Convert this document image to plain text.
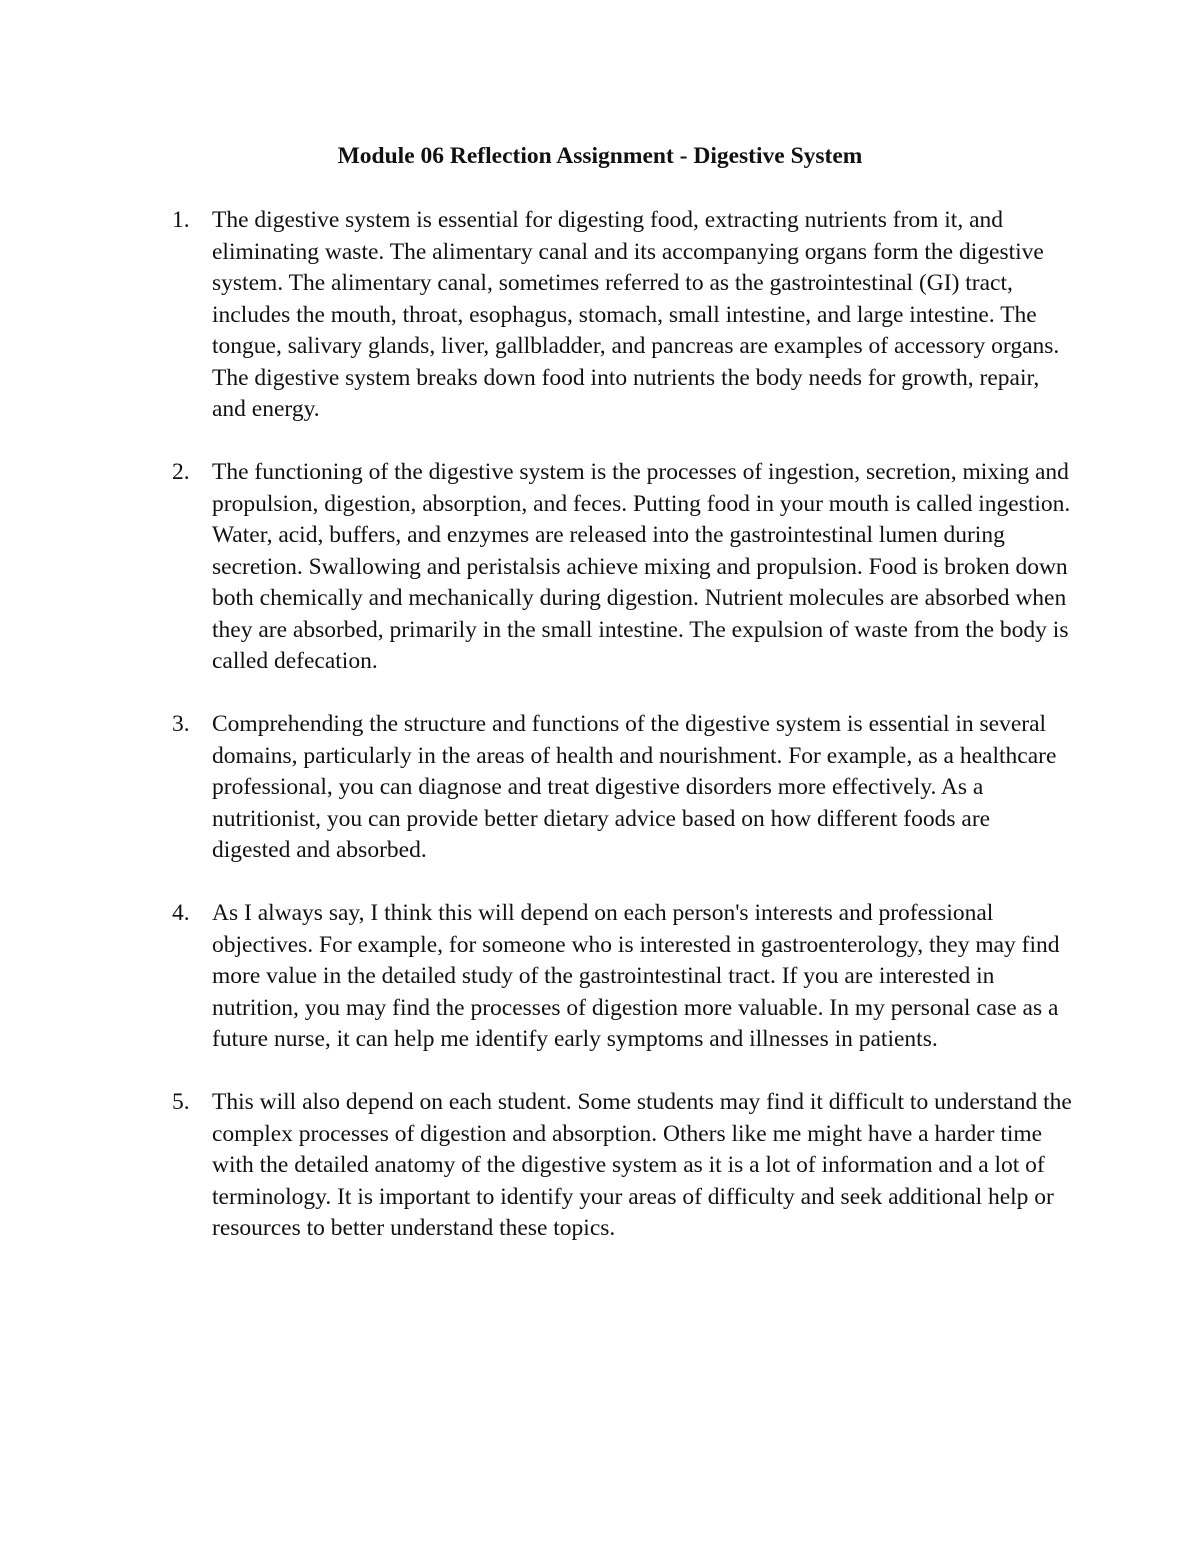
Module 06 Reflection Assignment - Digestive System
1. The digestive system is essential for digesting food, extracting nutrients from it, and eliminating waste. The alimentary canal and its accompanying organs form the digestive system. The alimentary canal, sometimes referred to as the gastrointestinal (GI) tract, includes the mouth, throat, esophagus, stomach, small intestine, and large intestine. The tongue, salivary glands, liver, gallbladder, and pancreas are examples of accessory organs. The digestive system breaks down food into nutrients the body needs for growth, repair, and energy.
2. The functioning of the digestive system is the processes of ingestion, secretion, mixing and propulsion, digestion, absorption, and feces. Putting food in your mouth is called ingestion. Water, acid, buffers, and enzymes are released into the gastrointestinal lumen during secretion. Swallowing and peristalsis achieve mixing and propulsion. Food is broken down both chemically and mechanically during digestion. Nutrient molecules are absorbed when they are absorbed, primarily in the small intestine. The expulsion of waste from the body is called defecation.
3. Comprehending the structure and functions of the digestive system is essential in several domains, particularly in the areas of health and nourishment. For example, as a healthcare professional, you can diagnose and treat digestive disorders more effectively. As a nutritionist, you can provide better dietary advice based on how different foods are digested and absorbed.
4. As I always say, I think this will depend on each person's interests and professional objectives. For example, for someone who is interested in gastroenterology, they may find more value in the detailed study of the gastrointestinal tract. If you are interested in nutrition, you may find the processes of digestion more valuable. In my personal case as a future nurse, it can help me identify early symptoms and illnesses in patients.
5. This will also depend on each student. Some students may find it difficult to understand the complex processes of digestion and absorption. Others like me might have a harder time with the detailed anatomy of the digestive system as it is a lot of information and a lot of terminology. It is important to identify your areas of difficulty and seek additional help or resources to better understand these topics.
